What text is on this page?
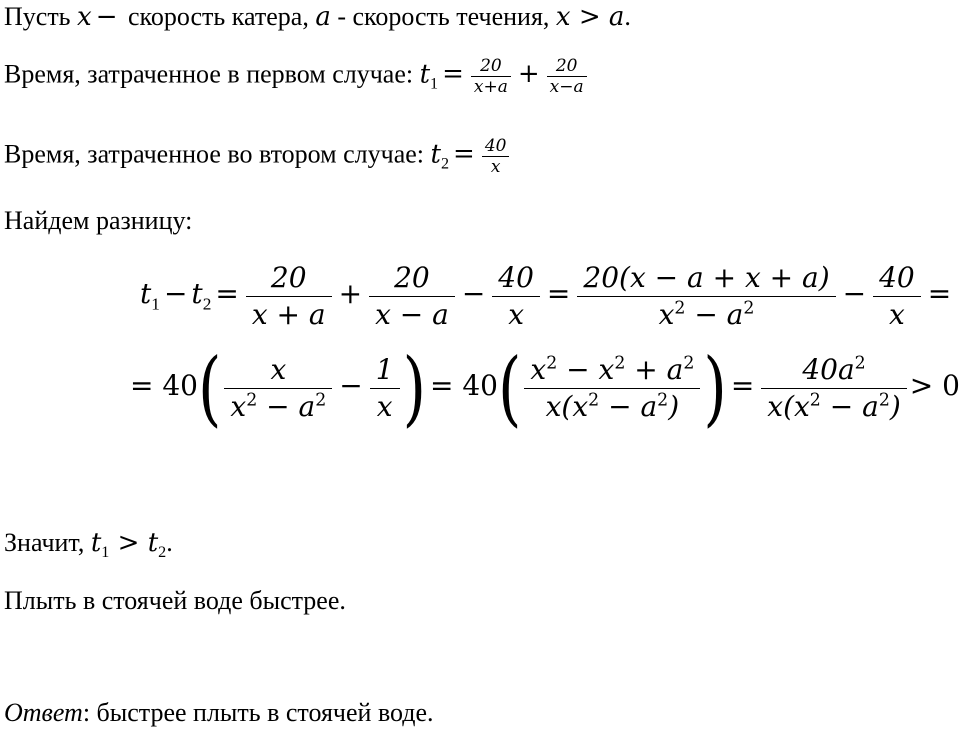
Пусть x − скорость катера, a - скорость течения, x > a.
Время, затраченное в первом случае: $t_1 = \frac{20}{x+a} + \frac{20}{x-a}$
Время, затраченное во втором случае: $t_2 = \frac{40}{x}$
Найдем разницу:
$t_1 - t_2 = \frac{20}{x + a} + \frac{20}{x - a} - \frac{40}{x} = \frac{20(x - a + x + a)}{x^2 - a^2} - \frac{40}{x}$ =
= $40( \frac{x}{x^2 - a^2} - \frac{1}{x}$ ) = $40( \frac{x^2 - x^2 + a^2}{x(x^2 - a^2)}$ ) = $\frac{40a^2}{x(x^2 - a^2)} > 0$
Значит, $t_1 > t_2$.
Плыть в стоячей воде быстрее.
Ответ: быстрее плыть в стоячей воде.
